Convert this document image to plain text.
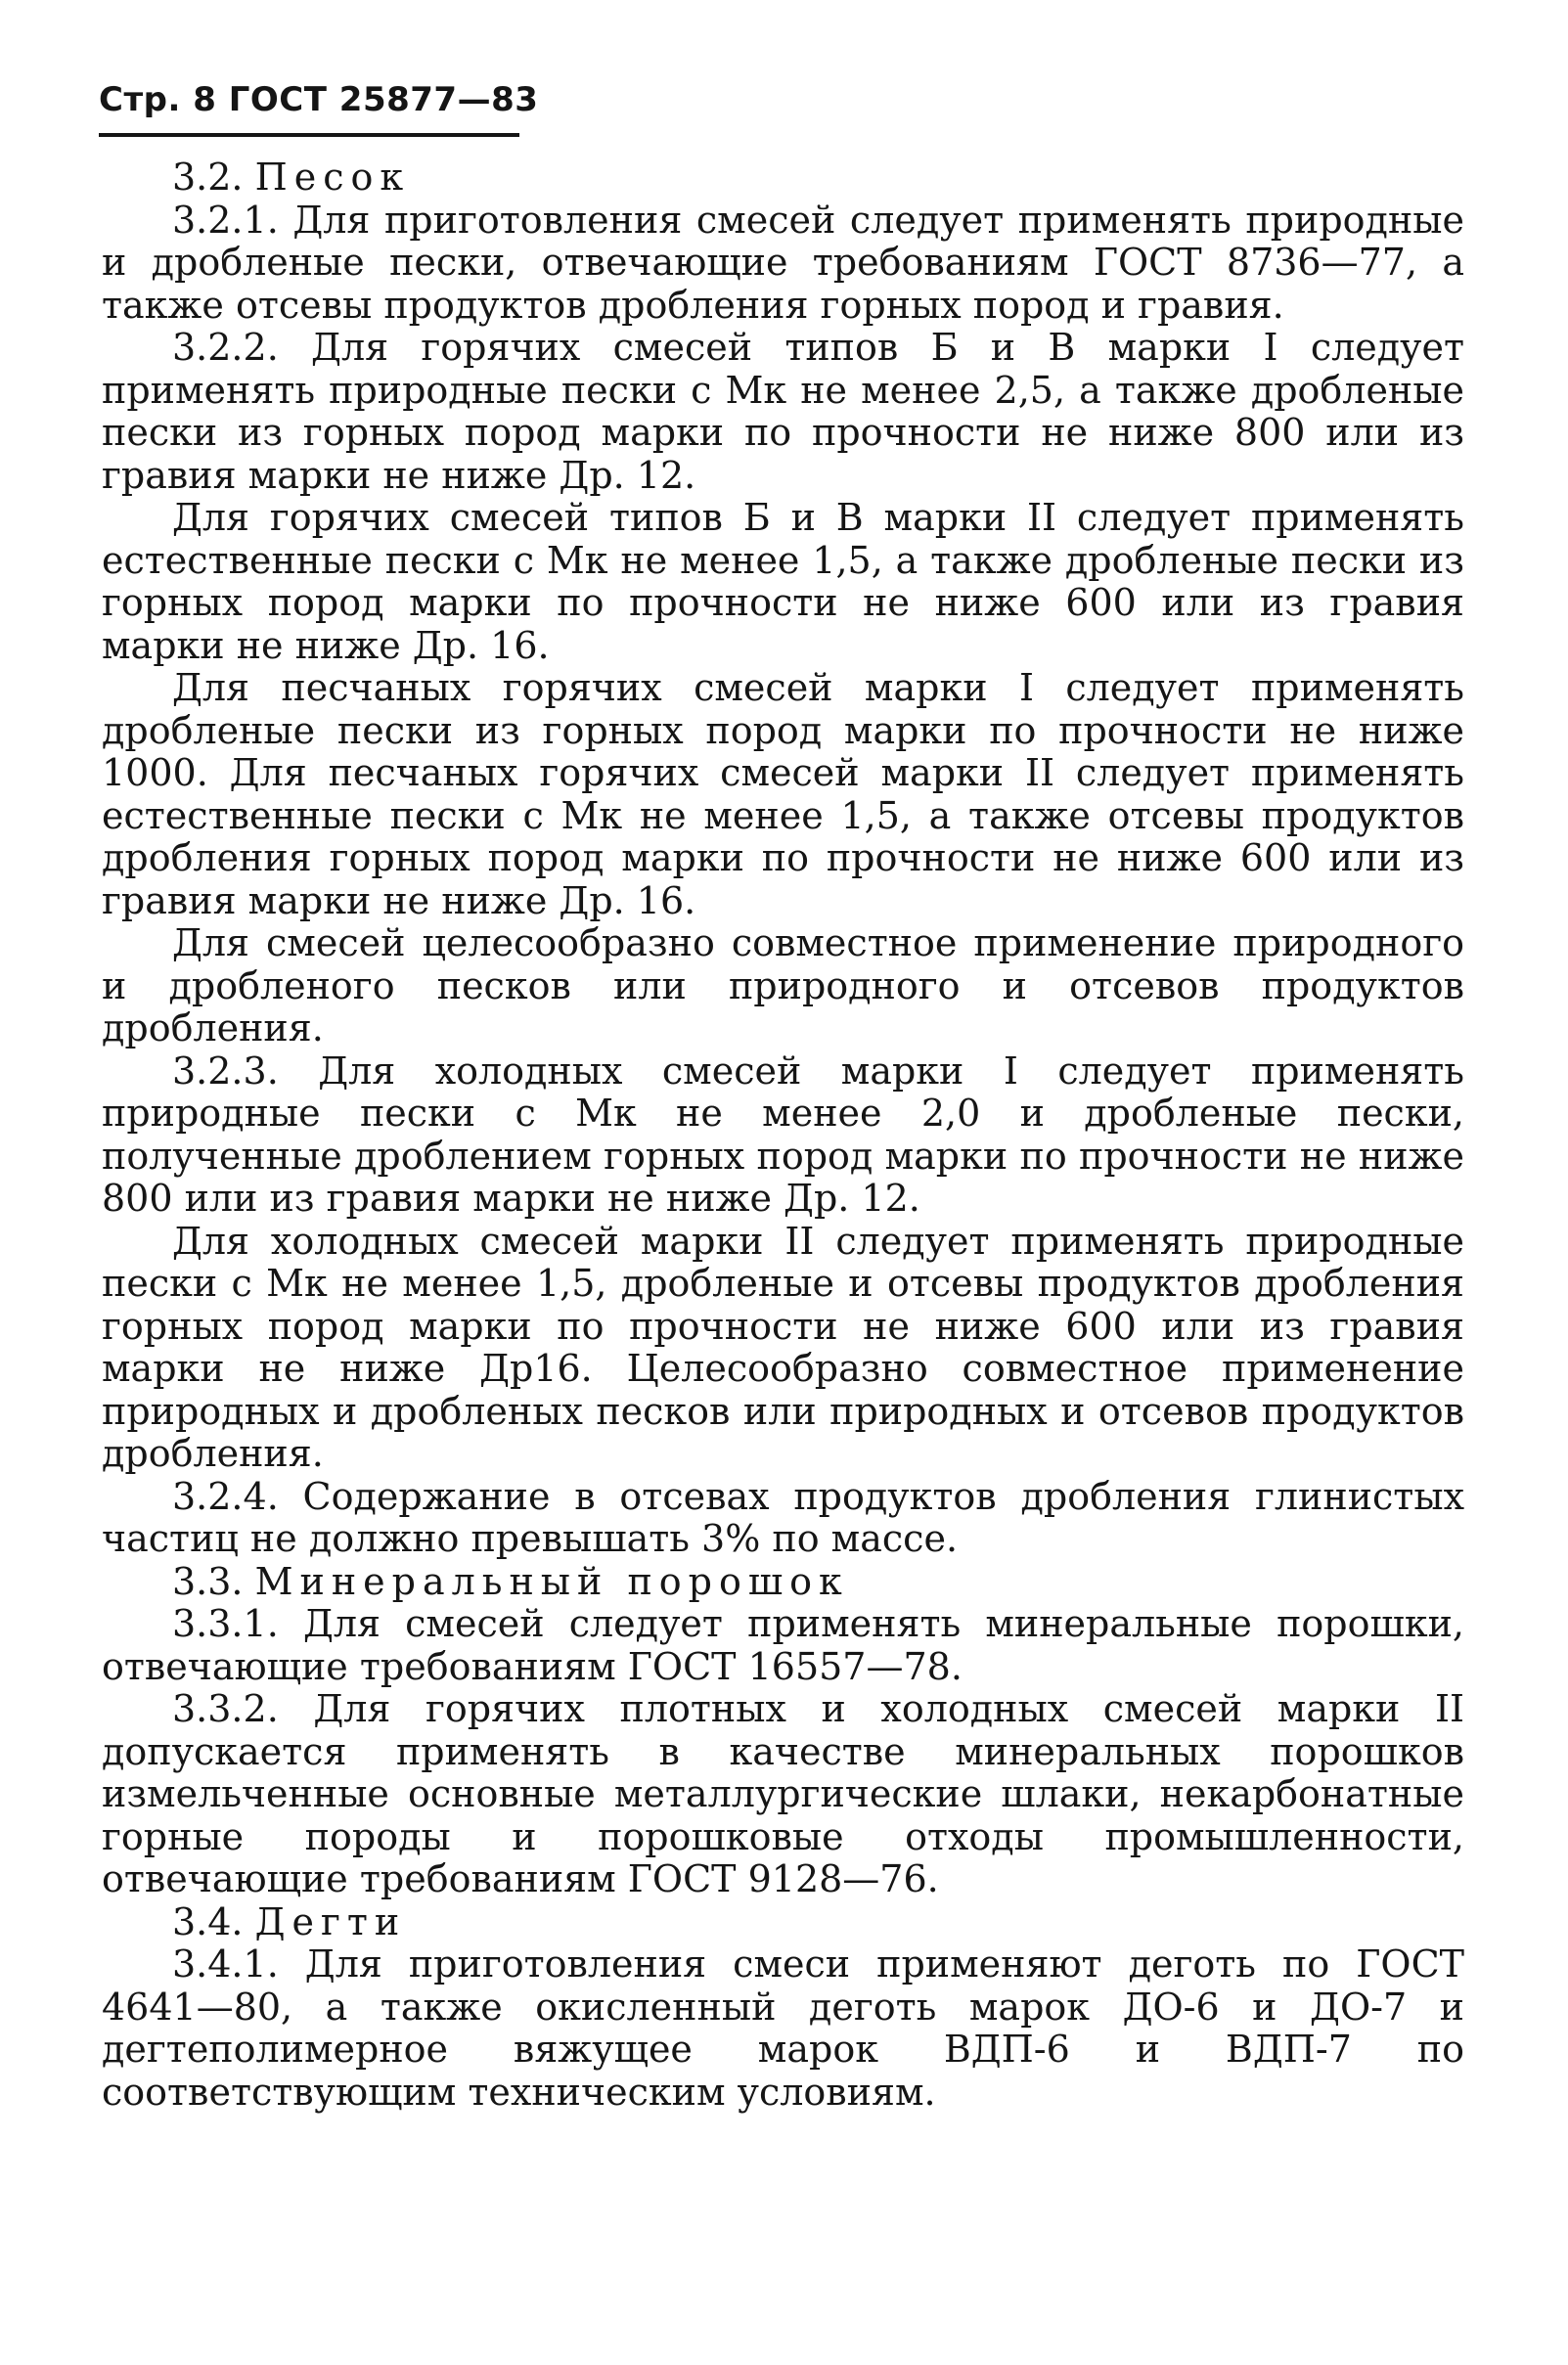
Стр. 8 ГОСТ 25877—83

3.2. Песок

3.2.1. Для приготовления смесей следует применять природные и дробленые пески, отвечающие требованиям ГОСТ 8736—77, а также отсевы продуктов дробления горных пород и гравия.

3.2.2. Для горячих смесей типов Б и В марки I следует применять природные пески с Mк не менее 2,5, а также дробленые пески из горных пород марки по прочности не ниже 800 или из гравия марки не ниже Др. 12.

Для горячих смесей типов Б и В марки II следует применять естественные пески с Mк не менее 1,5, а также дробленые пески из горных пород марки по прочности не ниже 600 или из гравия марки не ниже Др. 16.

Для песчаных горячих смесей марки I следует применять дробленые пески из горных пород марки по прочности не ниже 1000. Для песчаных горячих смесей марки II следует применять естественные пески с Mк не менее 1,5, а также отсевы продуктов дробления горных пород марки по прочности не ниже 600 или из гравия марки не ниже Др. 16.

Для смесей целесообразно совместное применение природного и дробленого песков или природного и отсевов продуктов дробления.

3.2.3. Для холодных смесей марки I следует применять природные пески с Mк не менее 2,0 и дробленые пески, полученные дроблением горных пород марки по прочности не ниже 800 или из гравия марки не ниже Др. 12.

Для холодных смесей марки II следует применять природные пески с Mк не менее 1,5, дробленые и отсевы продуктов дробления горных пород марки по прочности не ниже 600 или из гравия марки не ниже Др16. Целесообразно совместное применение природных и дробленых песков или природных и отсевов продуктов дробления.

3.2.4. Содержание в отсевах продуктов дробления глинистых частиц не должно превышать 3% по массе.

3.3. Минеральный порошок

3.3.1. Для смесей следует применять минеральные порошки, отвечающие требованиям ГОСТ 16557—78.

3.3.2. Для горячих плотных и холодных смесей марки II допускается применять в качестве минеральных порошков измельченные основные металлургические шлаки, некарбонатные горные породы и порошковые отходы промышленности, отвечающие требованиям ГОСТ 9128—76.

3.4. Дегти

3.4.1. Для приготовления смеси применяют деготь по ГОСТ 4641—80, а также окисленный деготь марок ДО-6 и ДО-7 и дегтеполимерное вяжущее марок ВДП-6 и ВДП-7 по соответствующим техническим условиям.
